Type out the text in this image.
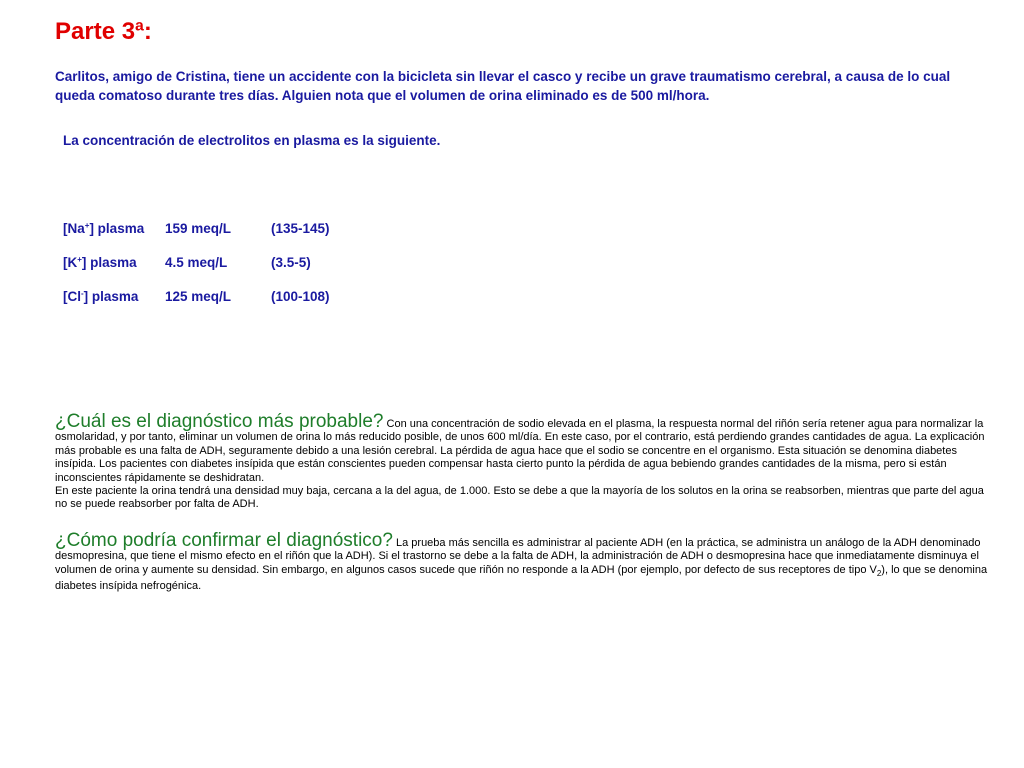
Parte 3ª:
Carlitos, amigo de Cristina, tiene un accidente con la bicicleta sin llevar el casco y recibe un grave traumatismo cerebral, a causa de lo cual queda comatoso durante tres días. Alguien nota que el volumen de orina eliminado es de 500 ml/hora.
La concentración de electrolitos en plasma es la siguiente.
[Na+] plasma 159 meq/L	(135-145)
[K+] plasma 4.5 meq/L	(3.5-5)
[Cl-] plasma 125 meq/L	(100-108)
¿Cuál es el diagnóstico más probable? Con una concentración de sodio elevada en el plasma, la respuesta normal del riñón sería retener agua para normalizar la osmolaridad, y por tanto, eliminar un volumen de orina lo más reducido posible, de unos 600 ml/día. En este caso, por el contrario, está perdiendo grandes cantidades de agua. La explicación más probable es una falta de ADH, seguramente debido a una lesión cerebral. La pérdida de agua hace que el sodio se concentre en el organismo. Esta situación se denomina diabetes insípida. Los pacientes con diabetes insípida que están conscientes pueden compensar hasta cierto punto la pérdida de agua bebiendo grandes cantidades de la misma, pero si están inconscientes rápidamente se deshidratan.
En este paciente la orina tendrá una densidad muy baja, cercana a la del agua, de 1.000. Esto se debe a que la mayoría de los solutos en la orina se reabsorben, mientras que parte del agua no se puede reabsorber por falta de ADH.
¿Cómo podría confirmar el diagnóstico? La prueba más sencilla es administrar al paciente ADH (en la práctica, se administra un análogo de la ADH denominado desmopresina, que tiene el mismo efecto en el riñón que la ADH). Si el trastorno se debe a la falta de ADH, la administración de ADH o desmopresina hace que inmediatamente disminuya el volumen de orina y aumente su densidad. Sin embargo, en algunos casos sucede que riñón no responde a la ADH (por ejemplo, por defecto de sus receptores de tipo $V_2$), lo que se denomina diabetes insípida nefrogénica.
